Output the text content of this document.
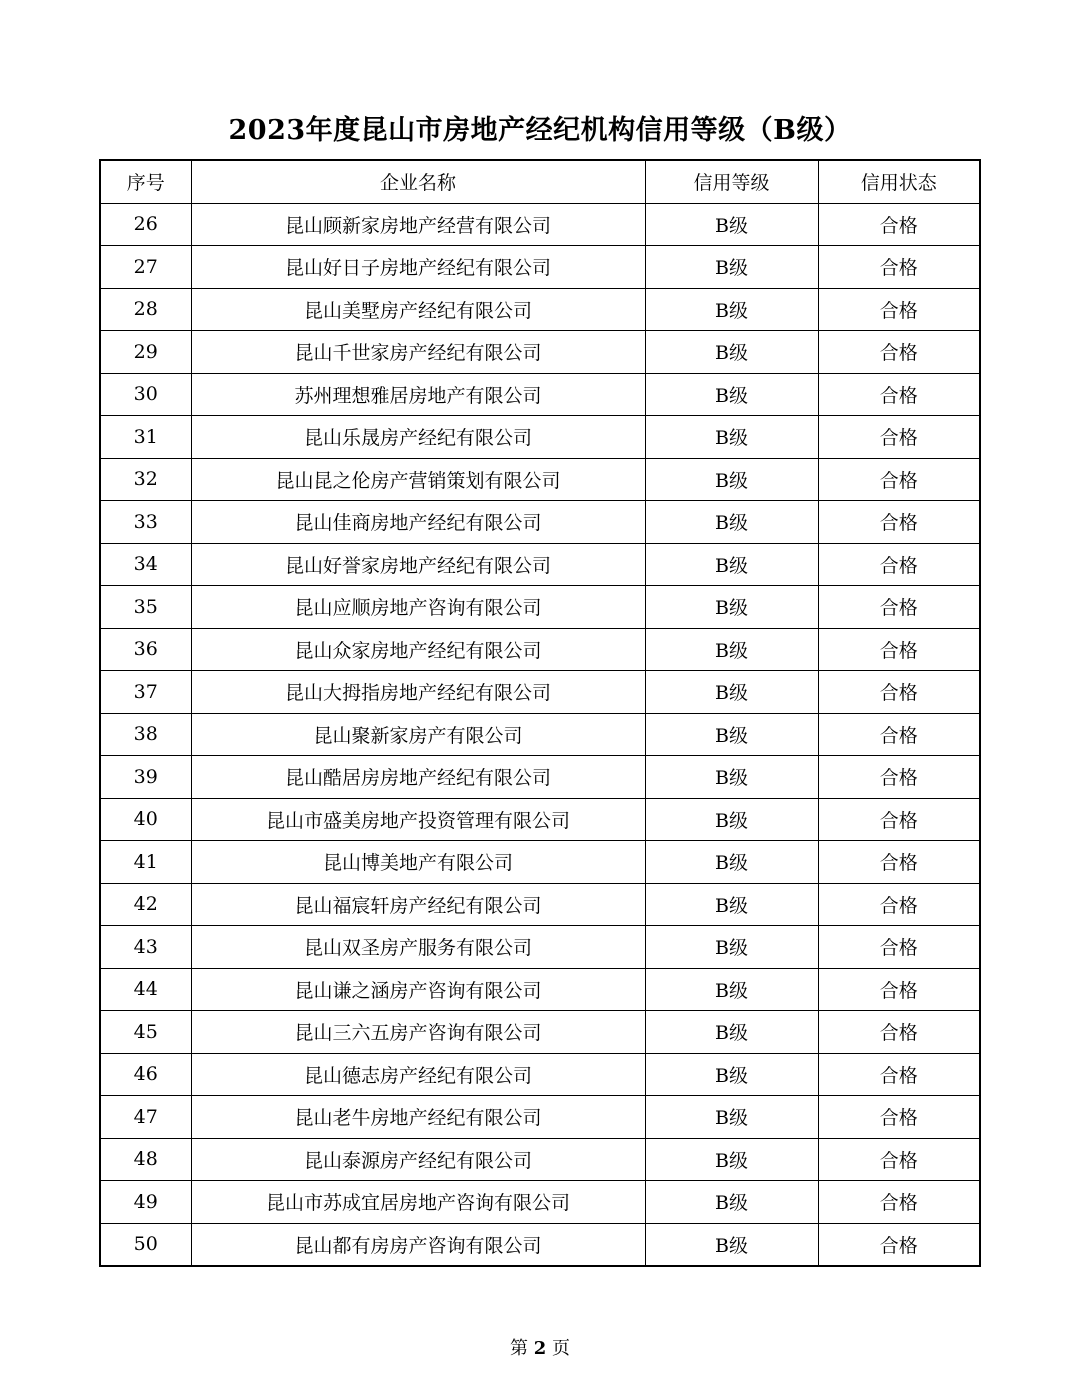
2023年度昆山市房地产经纪机构信用等级（B级）
序号	企业名称	信用等级	信用状态
26	昆山顾新家房地产经营有限公司	B级	合格
27	昆山好日子房地产经纪有限公司	B级	合格
28	昆山美墅房产经纪有限公司	B级	合格
29	昆山千世家房产经纪有限公司	B级	合格
30	苏州理想雅居房地产有限公司	B级	合格
31	昆山乐晟房产经纪有限公司	B级	合格
32	昆山昆之伦房产营销策划有限公司	B级	合格
33	昆山佳商房地产经纪有限公司	B级	合格
34	昆山好誉家房地产经纪有限公司	B级	合格
35	昆山应顺房地产咨询有限公司	B级	合格
36	昆山众家房地产经纪有限公司	B级	合格
37	昆山大拇指房地产经纪有限公司	B级	合格
38	昆山聚新家房产有限公司	B级	合格
39	昆山酷居房房地产经纪有限公司	B级	合格
40	昆山市盛美房地产投资管理有限公司	B级	合格
41	昆山博美地产有限公司	B级	合格
42	昆山福宸轩房产经纪有限公司	B级	合格
43	昆山双圣房产服务有限公司	B级	合格
44	昆山谦之涵房产咨询有限公司	B级	合格
45	昆山三六五房产咨询有限公司	B级	合格
46	昆山德志房产经纪有限公司	B级	合格
47	昆山老牛房地产经纪有限公司	B级	合格
48	昆山泰源房产经纪有限公司	B级	合格
49	昆山市苏成宜居房地产咨询有限公司	B级	合格
50	昆山都有房房产咨询有限公司	B级	合格
第 2 页
